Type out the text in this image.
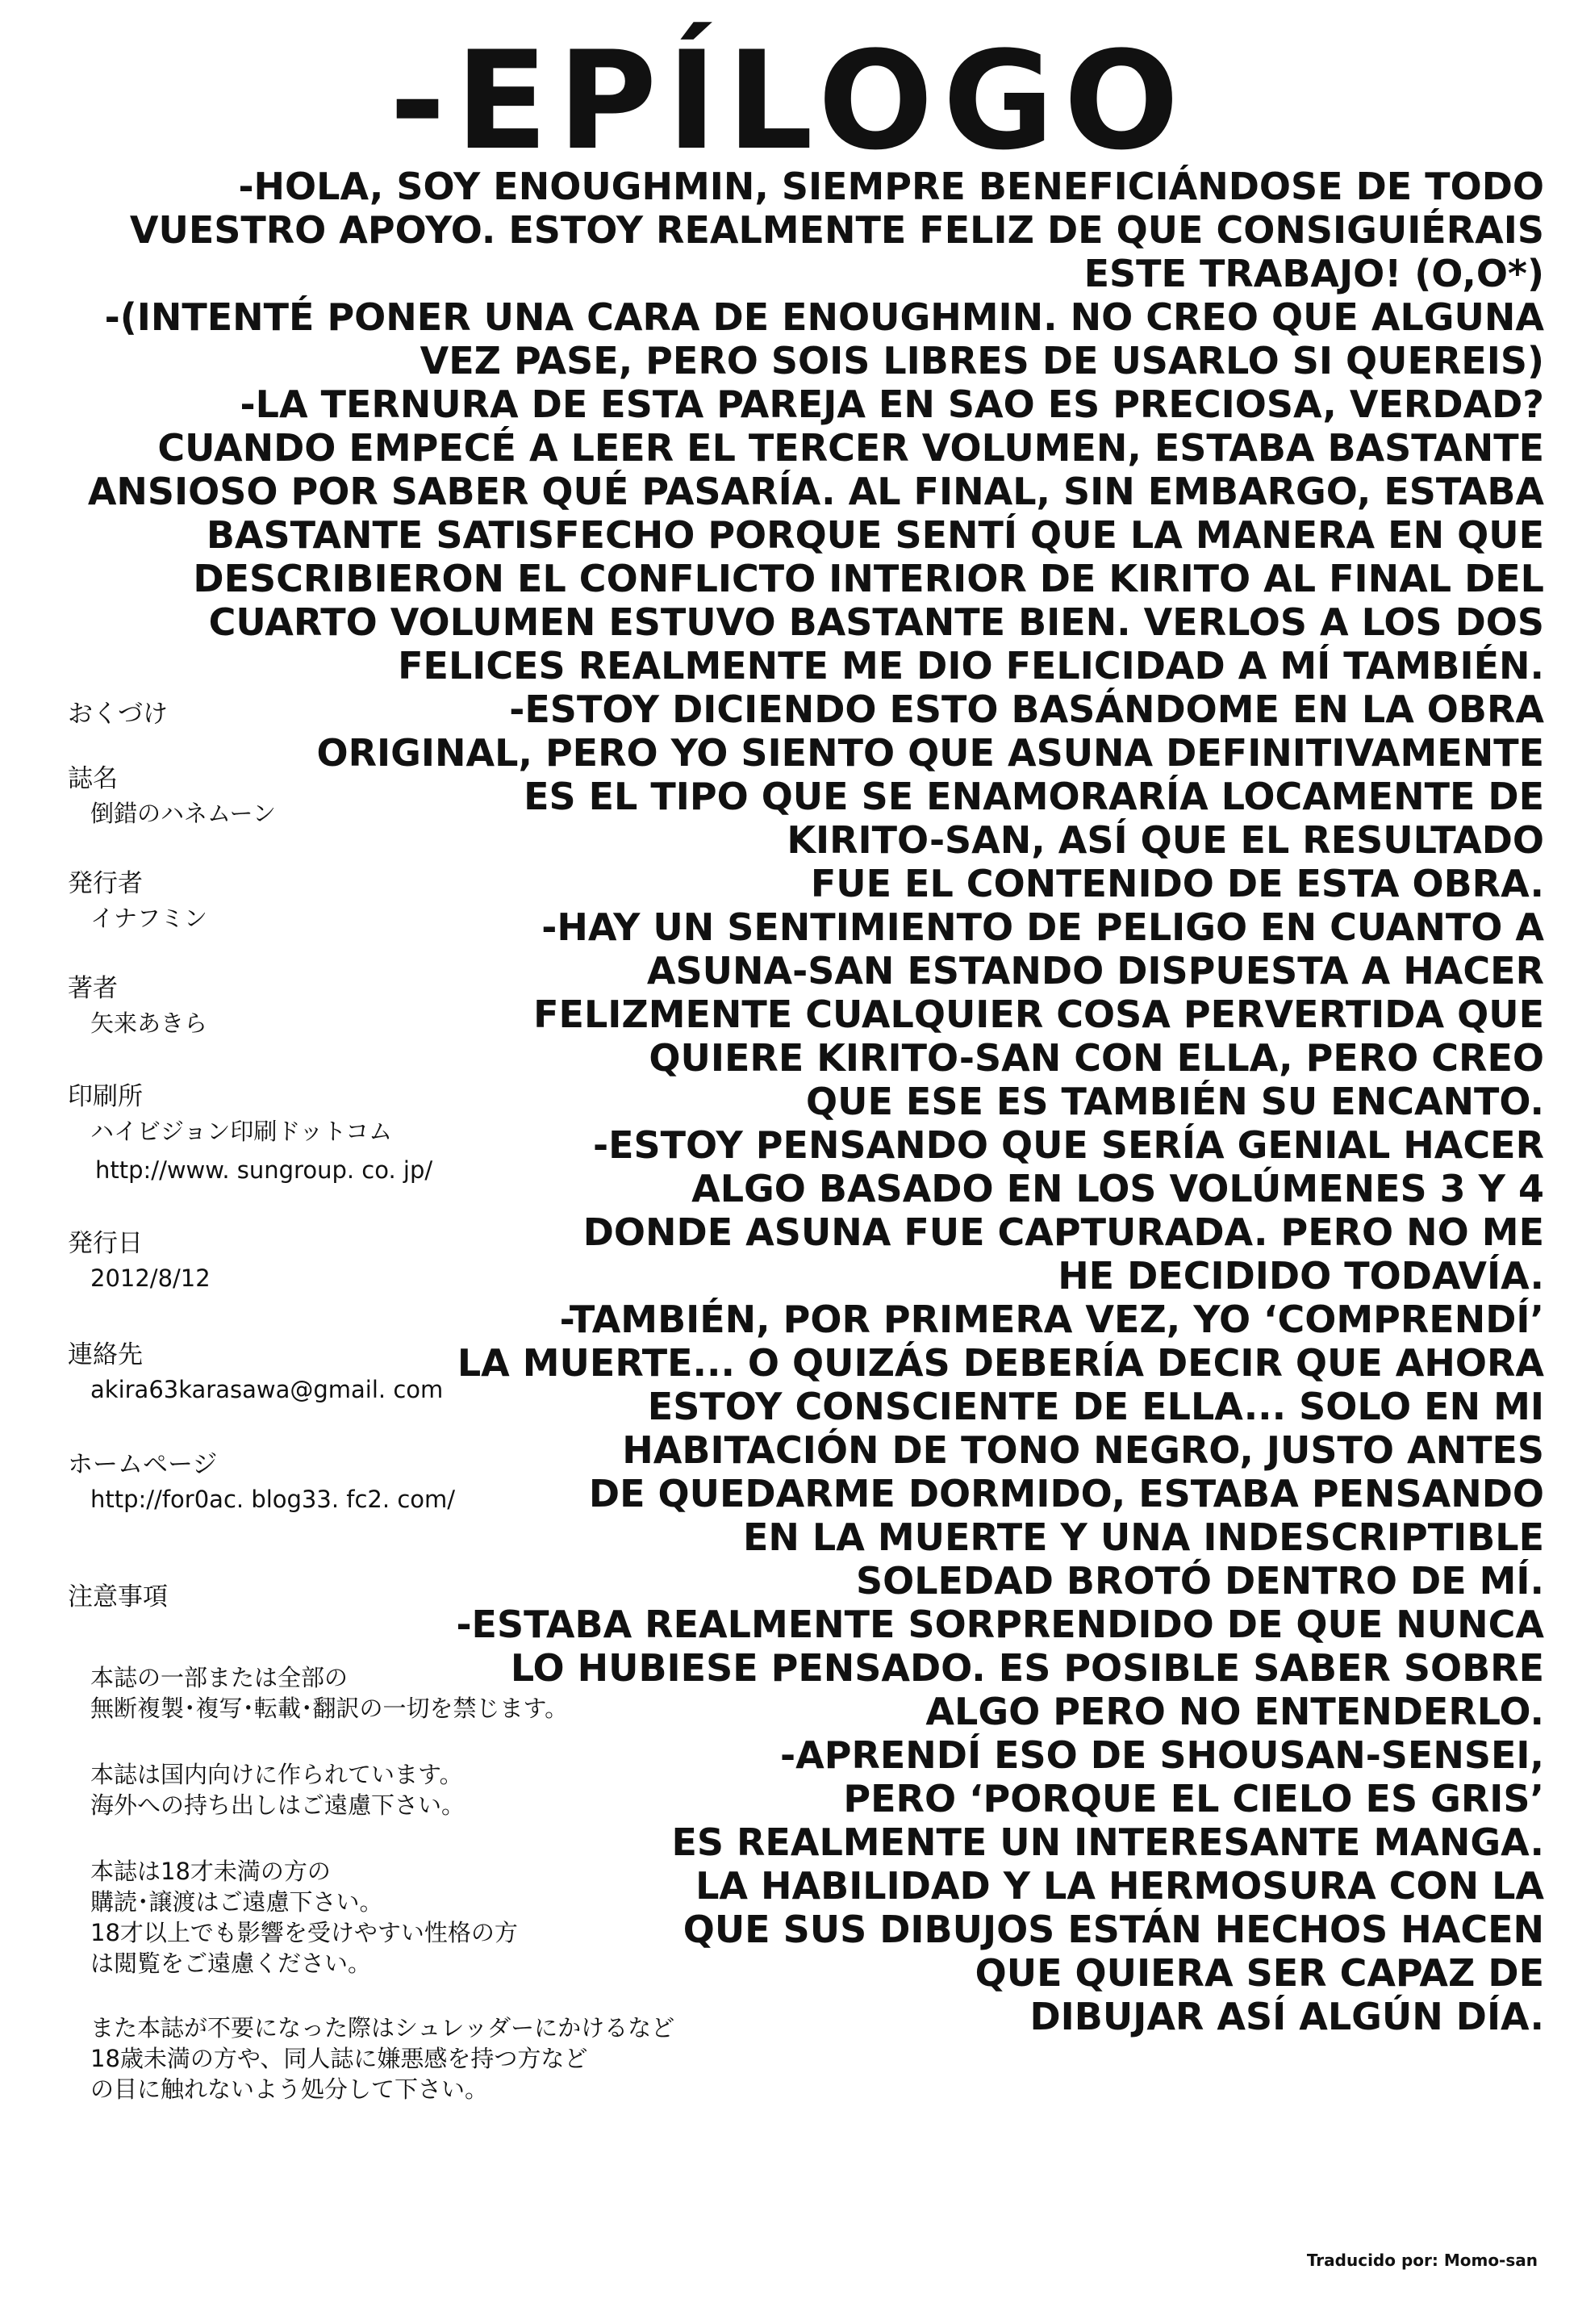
-EPÍLOGO
-HOLA, SOY ENOUGHMIN, SIEMPRE BENEFICIÁNDOSE DE TODO
VUESTRO APOYO. ESTOY REALMENTE FELIZ DE QUE CONSIGUIÉRAIS
ESTE TRABAJO! (O,O*)
-(INTENTÉ PONER UNA CARA DE ENOUGHMIN. NO CREO QUE ALGUNA
VEZ PASE, PERO SOIS LIBRES DE USARLO SI QUEREIS)
-LA TERNURA DE ESTA PAREJA EN SAO ES PRECIOSA, VERDAD?
CUANDO EMPECÉ A LEER EL TERCER VOLUMEN, ESTABA BASTANTE
ANSIOSO POR SABER QUÉ PASARÍA. AL FINAL, SIN EMBARGO, ESTABA
BASTANTE SATISFECHO PORQUE SENTÍ QUE LA MANERA EN QUE
DESCRIBIERON EL CONFLICTO INTERIOR DE KIRITO AL FINAL DEL
CUARTO VOLUMEN ESTUVO BASTANTE BIEN. VERLOS A LOS DOS
FELICES REALMENTE ME DIO FELICIDAD A MÍ TAMBIÉN.
-ESTOY DICIENDO ESTO BASÁNDOME EN LA OBRA
ORIGINAL, PERO YO SIENTO QUE ASUNA DEFINITIVAMENTE
ES EL TIPO QUE SE ENAMORARÍA LOCAMENTE DE
KIRITO-SAN, ASÍ QUE EL RESULTADO
FUE EL CONTENIDO DE ESTA OBRA.
-HAY UN SENTIMIENTO DE PELIGO EN CUANTO A
ASUNA-SAN ESTANDO DISPUESTA A HACER
FELIZMENTE CUALQUIER COSA PERVERTIDA QUE
QUIERE KIRITO-SAN CON ELLA, PERO CREO
QUE ESE ES TAMBIÉN SU ENCANTO.
-ESTOY PENSANDO QUE SERÍA GENIAL HACER
ALGO BASADO EN LOS VOLÚMENES 3 Y 4
DONDE ASUNA FUE CAPTURADA. PERO NO ME
HE DECIDIDO TODAVÍA.
-TAMBIÉN, POR PRIMERA VEZ, YO ‘COMPRENDÍ’
LA MUERTE... O QUIZÁS DEBERÍA DECIR QUE AHORA
ESTOY CONSCIENTE DE ELLA... SOLO EN MI
HABITACIÓN DE TONO NEGRO, JUSTO ANTES
DE QUEDARME DORMIDO, ESTABA PENSANDO
EN LA MUERTE Y UNA INDESCRIPTIBLE
SOLEDAD BROTÓ DENTRO DE MÍ.
-ESTABA REALMENTE SORPRENDIDO DE QUE NUNCA
LO HUBIESE PENSADO. ES POSIBLE SABER SOBRE
ALGO PERO NO ENTENDERLO.
-APRENDÍ ESO DE SHOUSAN-SENSEI,
PERO ‘PORQUE EL CIELO ES GRIS’
ES REALMENTE UN INTERESANTE MANGA.
LA HABILIDAD Y LA HERMOSURA CON LA
QUE SUS DIBUJOS ESTÁN HECHOS HACEN
QUE QUIERA SER CAPAZ DE
DIBUJAR ASÍ ALGÚN DÍA.
おくづけ
誌名
倒錯のハネムーン
発行者
イナフミン
著者
矢来あきら
印刷所
ハイビジョン印刷ドットコム
http://www. sungroup. co. jp/
発行日
2012/8/12
連絡先
akira63karasawa@gmail. com
ホームページ
http://for0ac. blog33. fc2. com/
注意事項
本誌の一部または全部の
無断複製･複写･転載･翻訳の一切を禁じます。
本誌は国内向けに作られています。
海外への持ち出しはご遠慮下さい。
本誌は18才未満の方の
購読･譲渡はご遠慮下さい。
18才以上でも影響を受けやすい性格の方
は閲覧をご遠慮ください。
また本誌が不要になった際はシュレッダーにかけるなど
18歳未満の方や、同人誌に嫌悪感を持つ方など
の目に触れないよう処分して下さい。
Traducido por: Momo-san
